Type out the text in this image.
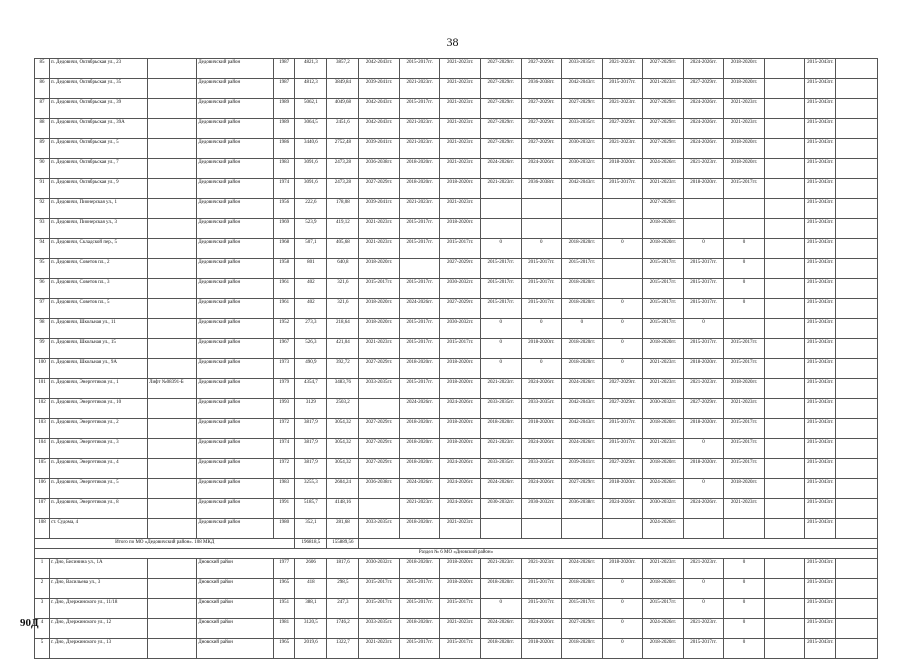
38
85	п. Дедовичи, Октябрьская ул., 23		Дедовичский район	1987	4821,3	3857,2	2042-2043гг.	2015-2017гг.	2021-2023гг.	2027-2029гг.	2027-2029гг.	2033-2035гг.	2021-2023гг.	2027-2029гг.	2024-2026гг.	2018-2020гг.		2015-2043гг.	
86	п. Дедовичи, Октябрьская ул., 35		Дедовичский район	1987	4812,3	3849,84	2039-2041гг.	2021-2023гг.	2021-2023гг.	2027-2029гг.	2036-2038гг.	2042-2043гг.	2015-2017гг.	2021-2023гг.	2027-2029гг.	2018-2020гг.		2015-2043гг.	
87	п. Дедовичи, Октябрьская ул., 39		Дедовичский район	1989	5062,1	4049,68	2042-2043гг.	2015-2017гг.	2021-2023гг.	2027-2029гг.	2027-2029гг.	2027-2029гг.	2021-2023гг.	2027-2029гг.	2024-2026гг.	2021-2023гг.		2015-2043гг.	
88	п. Дедовичи, Октябрьская ул., 39А		Дедовичский район	1989	3064,5	2451,6	2042-2043гг.	2021-2023гг.	2021-2023гг.	2027-2029гг.	2027-2029гг.	2033-2035гг.	2027-2029гг.	2027-2029гг.	2024-2026гг.	2021-2023гг.		2015-2043гг.	
89	п. Дедовичи, Октябрьская ул., 5		Дедовичский район	1986	3440,6	2752,48	2039-2041гг.	2021-2023гг.	2021-2023гг.	2027-2029гг.	2027-2029гг.	2030-2032гг.	2021-2023гг.	2027-2029гг.	2024-2026гг.	2018-2020гг.		2015-2043гг.	
90	п. Дедовичи, Октябрьская ул., 7		Дедовичский район	1983	3091,6	2473,28	2036-2038гг.	2018-2020гг.	2021-2023гг.	2024-2026гг.	2024-2026гг.	2030-2032гг.	2018-2020гг.	2024-2026гг.	2021-2023гг.	2018-2020гг.		2015-2043гг.	
91	п. Дедовичи, Октябрьская ул., 9		Дедовичский район	1974	3091,6	2473,28	2027-2029гг.	2018-2020гг.	2018-2020гг.	2021-2023гг.	2036-2038гг.	2042-2043гг.	2015-2017гг.	2021-2023гг.	2018-2020гг.	2015-2017гг.		2015-2043гг.	
92	п. Дедовичи, Пионерская ул., 1		Дедовичский район	1956	222,6	178,08	2039-2041гг.	2021-2023гг.	2021-2023гг.					2027-2029гг.				2015-2043гг.	
93	п. Дедовичи, Пионерская ул., 3		Дедовичский район	1969	523,9	419,12	2021-2023гг.	2015-2017гг.	2018-2020гг.					2018-2020гг.				2015-2043гг.	
94	п. Дедовичи, Складской пер., 5		Дедовичский район	1968	507,1	405,68	2021-2023гг.	2015-2017гг.	2015-2017гг.	0	0	2018-2020гг.	0	2018-2020гг.	0	0		2015-2043гг.	
95	п. Дедовичи, Советов пл., 2		Дедовичский район	1958	801	640,8	2018-2020гг.		2027-2029гг.	2015-2017гг.	2015-2017гг.	2015-2017гг.		2015-2017гг.	2015-2017гг.	0		2015-2043гг.	
96	п. Дедовичи, Советов пл., 3		Дедовичский район	1961	402	321,6	2015-2017гг.	2015-2017гг.	2030-2032гг.	2015-2017гг.	2015-2017гг.	2018-2020гг.		2015-2017гг.	2015-2017гг.	0		2015-2043гг.	
97	п. Дедовичи, Советов пл., 5		Дедовичский район	1961	402	321,6	2018-2020гг.	2024-2026гг.	2027-2029гг.	2015-2017гг.	2015-2017гг.	2018-2020гг.	0	2015-2017гг.	2015-2017гг.	0		2015-2043гг.	
98	п. Дедовичи, Школьная ул., 11		Дедовичский район	1952	273,3	218,64	2018-2020гг.	2015-2017гг.	2030-2032гг.	0	0	0	0	2015-2017гг.	0			2015-2043гг.	
99	п. Дедовичи, Школьная ул., 15		Дедовичский район	1967	526,3	421,04	2021-2023гг.	2015-2017гг.	2015-2017гг.	0	2018-2020гг.	2018-2020гг.	0	2018-2020гг.	2015-2017гг.	2015-2017гг.		2015-2043гг.	
100	п. Дедовичи, Школьная ул., 9А		Дедовичский район	1973	490,9	392,72	2027-2029гг.	2018-2020гг.	2018-2020гг.	0	0	2018-2020гг.	0	2021-2023гг.	2018-2020гг.	2015-2017гг.		2015-2043гг.	
101	п. Дедовичи, Энергетиков ул., 1	Лифт №08391-Б	Дедовичский район	1979	4354,7	3483,76	2033-2035гг.	2015-2017гг.	2018-2020гг.	2021-2023гг.	2024-2026гг.	2024-2026гг.	2027-2029гг.	2021-2023гг.	2021-2023гг.	2018-2020гг.		2015-2043гг.	
102	п. Дедовичи, Энергетиков ул., 10		Дедовичский район	1993	3129	2503,2		2024-2026гг.	2024-2026гг.	2033-2035гг.	2033-2035гг.	2042-2043гг.	2027-2029гг.	2030-2032гг.	2027-2029гг.	2021-2023гг.		2015-2043гг.	
103	п. Дедовичи, Энергетиков ул., 2		Дедовичский район	1972	3817,9	3054,32	2027-2029гг.	2018-2020гг.	2018-2020гг.	2018-2020гг.	2018-2020гг.	2042-2043гг.	2015-2017гг.	2018-2020гг.	2018-2020гг.	2015-2017гг.		2015-2043гг.	
104	п. Дедовичи, Энергетиков ул., 3		Дедовичский район	1974	3817,9	3054,32	2027-2029гг.	2018-2020гг.	2018-2020гг.	2021-2023гг.	2024-2026гг.	2024-2026гг.	2015-2017гг.	2021-2023гг.	0	2015-2017гг.		2015-2043гг.	
105	п. Дедовичи, Энергетиков ул., 4		Дедовичский район	1972	3817,9	3054,32	2027-2029гг.	2018-2020гг.	2024-2026гг.	2033-2035гг.	2033-2035гг.	2039-2041гг.	2027-2029гг.	2018-2020гг.	2018-2020гг.	2015-2017гг.		2015-2043гг.	
106	п. Дедовичи, Энергетиков ул., 5		Дедовичский район	1983	3255,3	2604,24	2036-2038гг.	2024-2026гг.	2024-2026гг.	2024-2026гг.	2024-2026гг.	2027-2029гг.	2018-2020гг.	2024-2026гг.	0	2018-2020гг.		2015-2043гг.	
107	п. Дедовичи, Энергетиков ул., 8		Дедовичский район	1991	5185,7	4148,16		2021-2023гг.	2024-2026гг.	2030-2032гг.	2030-2032гг.	2036-2038гг.	2024-2026гг.	2030-2032гг.	2024-2026гг.	2021-2023гг.		2015-2043гг.	
108	ст. Судома, 4		Дедовичский район	1980	352,1	281,68	2033-2035гг.	2018-2020гг.	2021-2023гг.					2024-2026гг.				2015-2043гг.	
Итого по МО «Дедовичский район». 108 МКД					196818,5	155889,56													
Раздел № 6 МО «Дновский район»																			
1	г. Дно, Бисинина ул., 1А		Дновский район	1977	2606	1817,6	2030-2032гг.	2018-2020гг.	2018-2020гг.	2021-2023гг.	2021-2023гг.	2024-2026гг.	2018-2020гг.	2021-2023гг.	2021-2023гг.	0		2015-2043гг.	
2	г. Дно, Васильева ул., 3		Дновский район	1965	418	298,5	2015-2017гг.	2015-2017гг.	2018-2020гг.	2018-2020гг.	2015-2017гг.	2018-2020гг.	0	2018-2020гг.	0	0		2015-2043гг.	
3	г. Дно, Дзержинского ул., 11/18		Дновский район	1951	388,1	247,3	2015-2017гг.	2015-2017гг.	2015-2017гг.	0	2015-2017гг.	2015-2017гг.	0	2015-2017гг.	0	0		2015-2043гг.	
4	г. Дно, Дзержинского ул., 12		Дновский район	1981	3120,5	1746,2	2033-2035гг.	2018-2020гг.	2021-2023гг.	2024-2026гг.	2024-2026гг.	2027-2029гг.	0	2024-2026гг.	2021-2023гг.	0		2015-2043гг.	
5	г. Дно, Дзержинского ул., 13		Дновский район	1965	2019,6	1322,7	2021-2023гг.	2015-2017гг.	2015-2017гг.	2018-2020гг.	2018-2020гг.	2018-2020гг.	0	2018-2020гг.	2015-2017гг.	0		2015-2043гг.	
90Д
